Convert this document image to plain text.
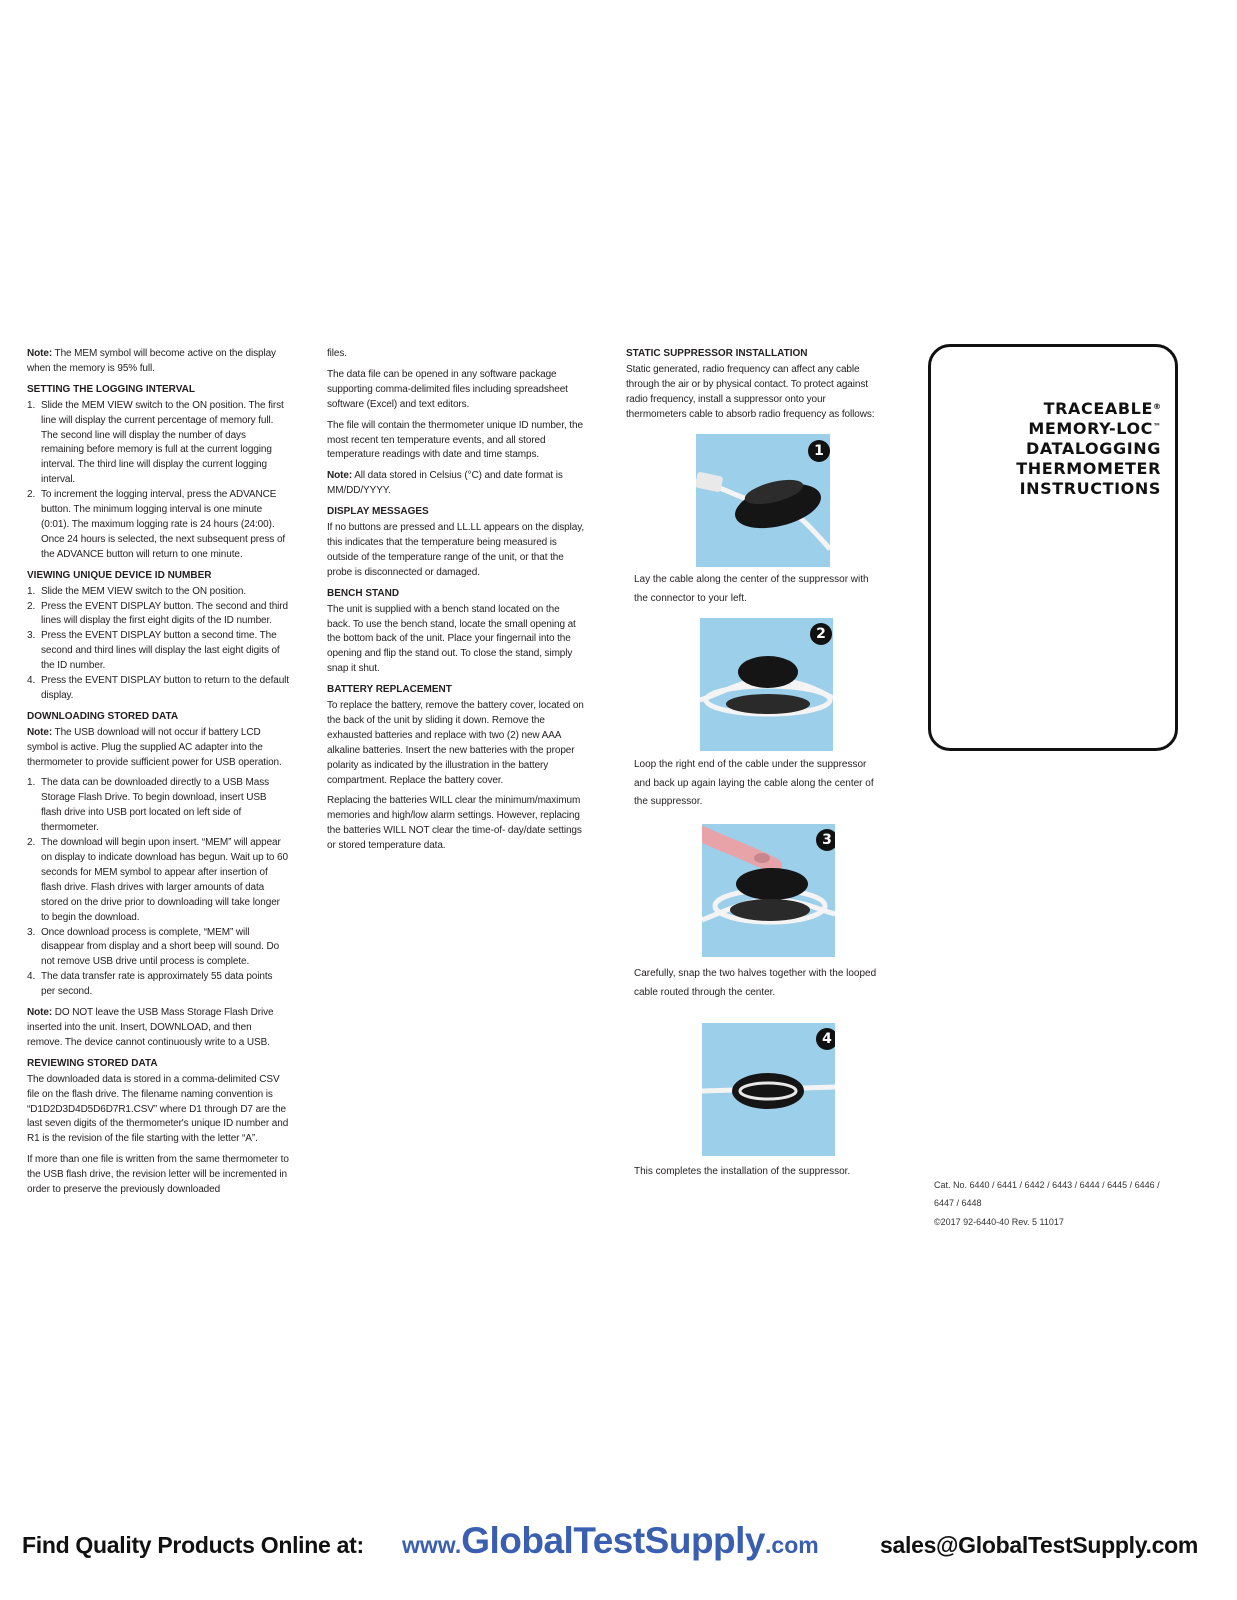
Note: The MEM symbol will become active on the display when the memory is 95% full.

SETTING THE LOGGING INTERVAL
1. Slide the MEM VIEW switch to the ON position. The first line will display the current percentage of memory full. The second line will display the number of days remaining before memory is full at the current logging interval. The third line will display the current logging interval.
2. To increment the logging interval, press the ADVANCE button. The minimum logging interval is one minute (0:01). The maximum logging rate is 24 hours (24:00). Once 24 hours is selected, the next subsequent press of the ADVANCE button will return to one minute.
VIEWING UNIQUE DEVICE ID NUMBER
1. Slide the MEM VIEW switch to the ON position.
2. Press the EVENT DISPLAY button. The second and third lines will display the first eight digits of the ID number.
3. Press the EVENT DISPLAY button a second time. The second and third lines will display the last eight digits of the ID number.
4. Press the EVENT DISPLAY button to return to the default display.
DOWNLOADING STORED DATA

Note: The USB download will not occur if battery LCD symbol is active. Plug the supplied AC adapter into the thermometer to provide sufficient power for USB operation.

1. The data can be downloaded directly to a USB Mass Storage Flash Drive. To begin download, insert USB flash drive into USB port located on left side of thermometer.
2. The download will begin upon insert. “MEM” will appear on display to indicate download has begun. Wait up to 60 seconds for MEM symbol to appear after insertion of flash drive. Flash drives with larger amounts of data stored on the drive prior to downloading will take longer to begin the download.
3. Once download process is complete, “MEM” will disappear from display and a short beep will sound. Do not remove USB drive until process is complete.
4. The data transfer rate is approximately 55 data points per second.

Note: DO NOT leave the USB Mass Storage Flash Drive inserted into the unit. Insert, DOWNLOAD, and then remove. The device cannot continuously write to a USB.

REVIEWING STORED DATA

The downloaded data is stored in a comma-delimited CSV file on the flash drive. The filename naming convention is “D1D2D3D4D5D6D7R1.CSV” where D1 through D7 are the last seven digits of the thermometer's unique ID number and R1 is the revision of the file starting with the letter “A”.

If more than one file is written from the same thermometer to the USB flash drive, the revision letter will be incremented in order to preserve the previously downloaded

files.

The data file can be opened in any software package supporting comma-delimited files including spreadsheet software (Excel) and text editors.

The file will contain the thermometer unique ID number, the most recent ten temperature events, and all stored temperature readings with date and time stamps.

Note: All data stored in Celsius (°C) and date format is MM/DD/YYYY.

DISPLAY MESSAGES

If no buttons are pressed and LL.LL appears on the display, this indicates that the temperature being measured is outside of the temperature range of the unit, or that the probe is disconnected or damaged.

BENCH STAND

The unit is supplied with a bench stand located on the back. To use the bench stand, locate the small opening at the bottom back of the unit. Place your fingernail into the opening and flip the stand out. To close the stand, simply snap it shut.

BATTERY REPLACEMENT

To replace the battery, remove the battery cover, located on the back of the unit by sliding it down. Remove the exhausted batteries and replace with two (2) new AAA alkaline batteries. Insert the new batteries with the proper polarity as indicated by the illustration in the battery compartment. Replace the battery cover.

Replacing the batteries WILL clear the minimum/maximum memories and high/low alarm settings. However, replacing the batteries WILL NOT clear the time-of- day/date settings or stored temperature data.

STATIC SUPPRESSOR INSTALLATION

Static generated, radio frequency can affect any cable through the air or by physical contact. To protect against radio frequency, install a suppressor onto your thermometers cable to absorb radio frequency as follows:

1
Lay the cable along the center of the suppressor with the connector to your left.
2
Loop the right end of the cable under the suppressor and back up again laying the cable along the center of the suppressor.
3
Carefully, snap the two halves together with the looped cable routed through the center.
4
This completes the installation of the suppressor.
TRACEABLE®
MEMORY-LOC™
DATALOGGING
THERMOMETER
INSTRUCTIONS
Cat. No. 6440 / 6441 / 6442 / 6443 / 6444 / 6445 / 6446 /
6447 / 6448
©2017 92-6440-40 Rev. 5 11017
Find Quality Products Online at: www.GlobalTestSupply.com	sales@GlobalTestSupply.com
